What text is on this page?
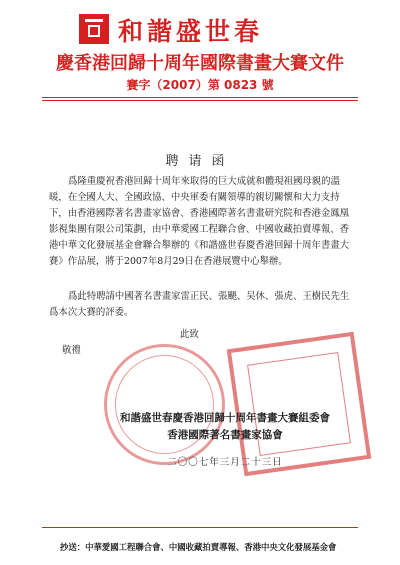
和諧盛世春
慶香港回歸十周年國際書畫大賽文件
賽字（2007）第 0823 號
聘请函
爲隆重慶祝香港回歸十周年來取得的巨大成就和體現祖國母親的溫暖，在全國人大、全國政協、中央軍委有關領導的親切關懷和大力支持下，由香港國際著名書畫家協會、香港國際著名書畫研究院和香港金鳳凰影視集團有限公司策劃，由中華愛國工程聯合會、中國收藏拍賣導報、香港中華文化發展基金會聯合舉辦的《和諧盛世春慶香港回歸十周年書畫大賽》作品展，將于2007年8月29日在香港展覽中心舉辦。
爲此特聘請中國著名書畫家雷正民、張颶、吴休、張虎、王樹民先生爲本次大賽的評委。
此致
敬禮
和諧盛世春慶香港回歸十周年書畫大賽組委會
香港國際著名書畫家協會
二〇〇七年三月二十三日
抄送：中華愛國工程聯合會、中國收藏拍賣導報、香港中央文化發展基金會
